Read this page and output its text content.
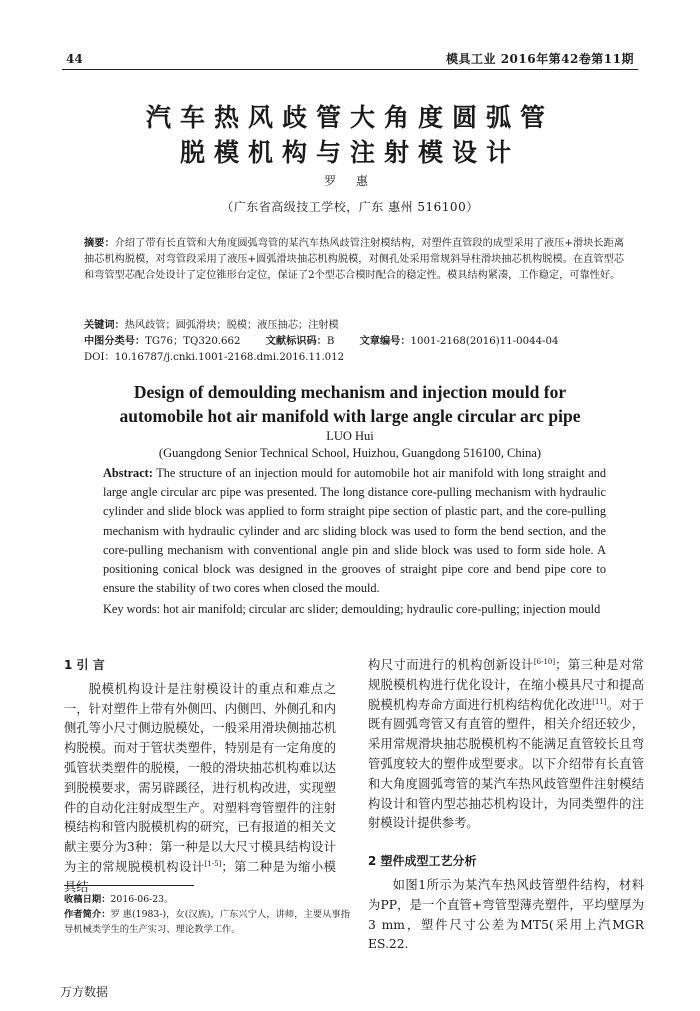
44	模具工业 2016年第42卷第11期
汽车热风歧管大角度圆弧管
脱模机构与注射模设计
罗 惠
（广东省高级技工学校，广东 惠州 516100）
摘要：介绍了带有长直管和大角度圆弧弯管的某汽车热风歧管注射模结构，对塑件直管段的成型采用了液压+滑块长距离抽芯机构脱模，对弯管段采用了液压+圆弧滑块抽芯机构脱模，对侧孔处采用常规斜导柱滑块抽芯机构脱模。在直管型芯和弯管型芯配合处设计了定位锥形台定位，保证了2个型芯合模时配合的稳定性。模具结构紧凑，工作稳定，可靠性好。
关键词：热风歧管；圆弧滑块；脱模；液压抽芯；注射模
中图分类号：TG76；TQ320.662 文献标识码：B 文章编号：1001-2168(2016)11-0044-04
DOI：10.16787/j.cnki.1001-2168.dmi.2016.11.012
Design of demoulding mechanism and injection mould for
automobile hot air manifold with large angle circular arc pipe
LUO Hui
(Guangdong Senior Technical School, Huizhou, Guangdong 516100, China)
Abstract: The structure of an injection mould for automobile hot air manifold with long straight and large angle circular arc pipe was presented. The long distance core-pulling mechanism with hydraulic cylinder and slide block was applied to form straight pipe section of plastic part, and the core-pulling mechanism with hydraulic cylinder and arc sliding block was used to form the bend section, and the core-pulling mechanism with conventional angle pin and slide block was used to form side hole. A positioning conical block was designed in the grooves of straight pipe core and bend pipe core to ensure the stability of two cores when closed the mould.
Key words: hot air manifold; circular arc slider; demoulding; hydraulic core-pulling; injection mould
1 引 言

脱模机构设计是注射模设计的重点和难点之一，针对塑件上带有外侧凹、内侧凹、外侧孔和内侧孔等小尺寸侧边脱模处，一般采用滑块侧抽芯机构脱模。而对于管状类塑件，特别是有一定角度的弧管状类塑件的脱模，一般的滑块抽芯机构难以达到脱模要求，需另辟蹊径，进行机构改进，实现塑件的自动化注射成型生产。对塑料弯管塑件的注射模结构和管内脱模机构的研究，已有报道的相关文献主要分为3种：第一种是以大尺寸模具结构设计为主的常规脱模机构设计[1-5]；第二种是为缩小模具结

构尺寸而进行的机构创新设计[6-10]；第三种是对常规脱模机构进行优化设计，在缩小模具尺寸和提高脱模机构寿命方面进行机构结构优化改进[11]。对于既有圆弧弯管又有直管的塑件，相关介绍还较少，采用常规滑块抽芯脱模机构不能满足直管较长且弯管弧度较大的塑件成型要求。以下介绍带有长直管和大角度圆弧弯管的某汽车热风歧管塑件注射模结构设计和管内型芯抽芯机构设计，为同类塑件的注射模设计提供参考。

2 塑件成型工艺分析

如图1所示为某汽车热风歧管塑件结构，材料为PP，是一个直管+弯管型薄壳塑件，平均壁厚为3 mm，塑件尺寸公差为MT5(采用上汽MGR ES.22.

收稿日期：2016-06-23。
作者简介：罗 惠(1983-)，女(汉族)，广东兴宁人，讲师，主要从事指导机械类学生的生产实习、理论教学工作。
万方数据
